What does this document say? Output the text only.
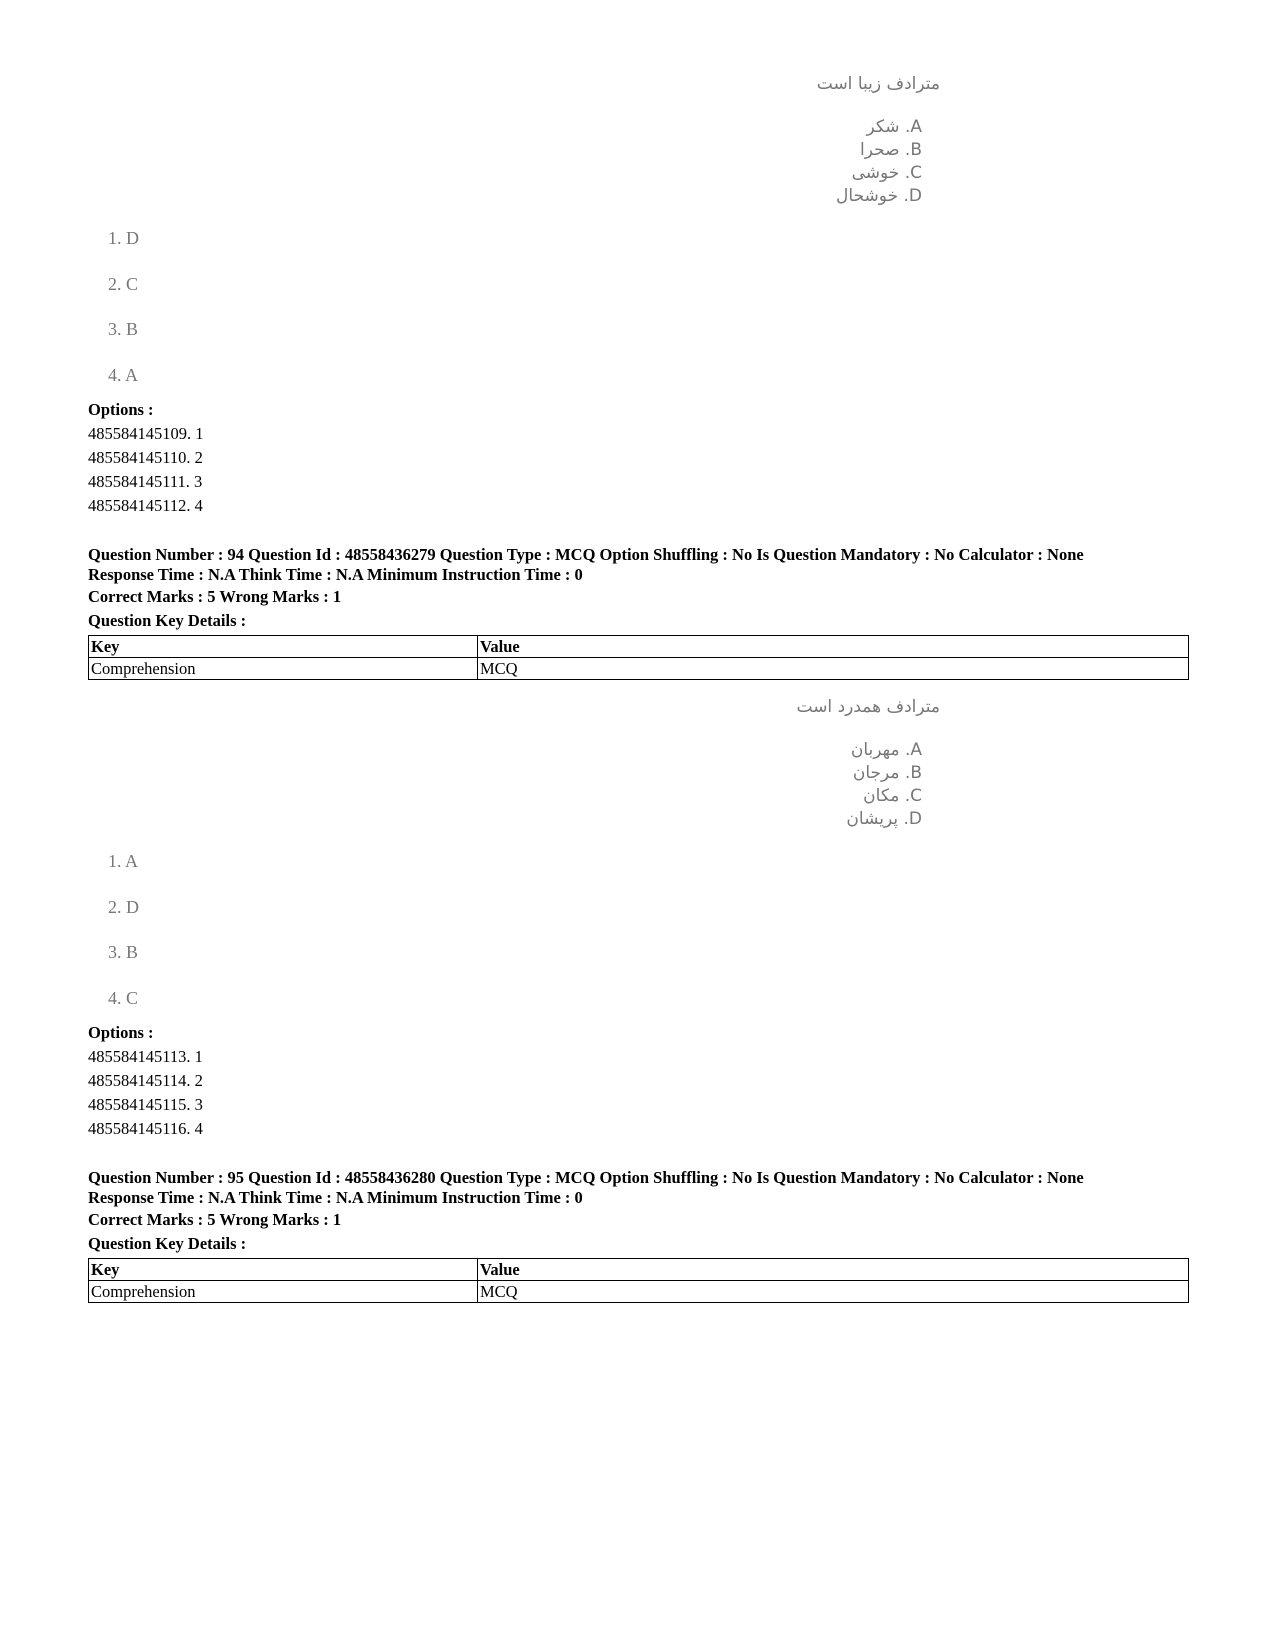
مترادف زیبا است
A. شکر
B. صحرا
C. خوشی
D. خوشحال
1. D
2. C
3. B
4. A
Options :
485584145109. 1
485584145110. 2
485584145111. 3
485584145112. 4
Question Number : 94 Question Id : 48558436279 Question Type : MCQ Option Shuffling : No Is Question Mandatory : No Calculator : None
Response Time : N.A Think Time : N.A Minimum Instruction Time : 0
Correct Marks : 5 Wrong Marks : 1
Question Key Details :
Key	Value
Comprehension	MCQ
مترادف همدرد است
A. مهربان
B. مرجان
C. مکان
D. پریشان
1. A
2. D
3. B
4. C
Options :
485584145113. 1
485584145114. 2
485584145115. 3
485584145116. 4
Question Number : 95 Question Id : 48558436280 Question Type : MCQ Option Shuffling : No Is Question Mandatory : No Calculator : None
Response Time : N.A Think Time : N.A Minimum Instruction Time : 0
Correct Marks : 5 Wrong Marks : 1
Question Key Details :
Key	Value
Comprehension	MCQ
